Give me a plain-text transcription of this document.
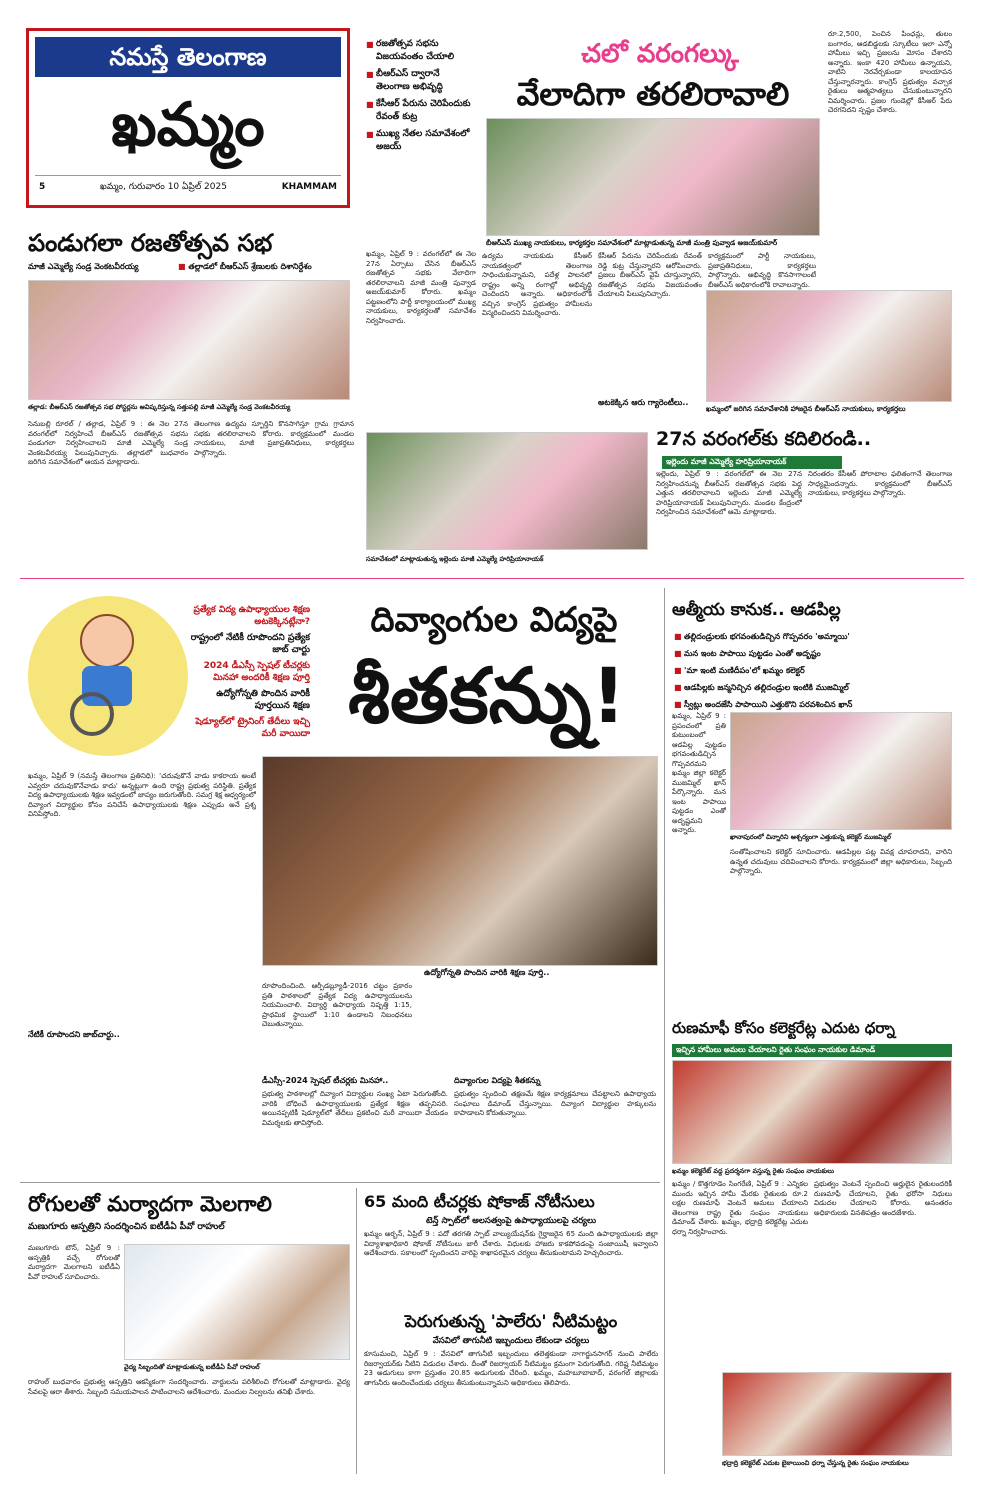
నమస్తే తెలంగాణ
ఖమ్మం
5	ఖమ్మం, గురువారం 10 ఏప్రిల్ 2025	KHAMMAM
■ రజతోత్సవ సభను విజయవంతం చేయాలి
■ బీఆర్ఎస్ ద్వారానే తెలంగాణ అభివృద్ధి
■ కేసీఆర్ పేరును చెరిపేందుకు రేవంత్ కుట్ర
■ ముఖ్య నేతల సమావేశంలో అజయ్
చలో వరంగల్
వేలాదిగా తరలిరావాలి
బీఆర్ఎస్ ముఖ్య నాయకులు, కార్యకర్తల సమావేశంలో మాట్లాడుతున్న మాజీ మంత్రి పువ్వాడ అజయ్‌కుమార్
ఖమ్మం, ఏప్రిల్ 9 : వరంగల్‌లో ఈ నెల 27న ఏర్పాటు చేసిన బీఆర్ఎస్ రజతోత్సవ సభకు వేలాదిగా తరలిరావాలని మాజీ మంత్రి పువ్వాడ అజయ్‌కుమార్ కోరారు. ఖమ్మం పట్టణంలోని పార్టీ కార్యాలయంలో ముఖ్య నాయకులు, కార్యకర్తలతో సమావేశం నిర్వహించారు.
ఉద్యమ నాయకుడు కేసీఆర్ నాయకత్వంలో తెలంగాణ సాధించుకున్నామని, పదేళ్ల పాలనలో రాష్ట్రం అన్ని రంగాల్లో అభివృద్ధి చెందిందని అన్నారు. అధికారంలోకి వచ్చిన కాంగ్రెస్ ప్రభుత్వం హామీలను విస్మరించిందని విమర్శించారు.
కేసీఆర్ పేరును చెరిపేందుకు రేవంత్ రెడ్డి కుట్ర చేస్తున్నారని ఆరోపించారు. ప్రజలు బీఆర్ఎస్ వైపే చూస్తున్నారని, రజతోత్సవ సభను విజయవంతం చేయాలని పిలుపునిచ్చారు.
కార్యక్రమంలో పార్టీ నాయకులు, ప్రజాప్రతినిధులు, కార్యకర్తలు పాల్గొన్నారు. అభివృద్ధి కొనసాగాలంటే బీఆర్ఎస్ అధికారంలోకి రావాలన్నారు.
అటకెక్కిన ఆరు గ్యారెంటీలు..
ఖమ్మంలో జరిగిన సమావేశానికి హాజరైన బీఆర్ఎస్ నాయకులు, కార్యకర్తలు
రూ.2,500, పెంచిన పింఛన్లు, తులం బంగారం, ఆడబిడ్డలకు స్కూటీలు ఇలా ఎన్నో హామీలు ఇచ్చి ప్రజలను మోసం చేశారని అన్నారు. ఇంకా 420 హామీలు ఉన్నాయని, వాటిని నెరవేర్చకుండా కాలయాపన చేస్తున్నారన్నారు. కాంగ్రెస్ ప్రభుత్వం వచ్చాక రైతులు ఆత్మహత్యలు చేసుకుంటున్నారని విమర్శించారు. ప్రజల గుండెల్లో కేసీఆర్ పేరు చెరగనిదని స్పష్టం చేశారు.
పండుగలా రజతోత్సవ సభ
మాజీ ఎమ్మెల్యే సండ్ర వెంకటవీరయ్య	■ తల్లాడలో బీఆర్ఎస్ శ్రేణులకు దిశానిర్దేశం
తల్లాడ: బీఆర్ఎస్ రజతోత్సవ సభ పోస్టర్లను ఆవిష్కరిస్తున్న సత్తుపల్లి మాజీ ఎమ్మెల్యే సండ్ర వెంకటవీరయ్య
సెనుబల్లి రూరల్ / తల్లాడ, ఏప్రిల్ 9 : ఈ నెల 27న వరంగల్‌లో నిర్వహించే బీఆర్ఎస్ రజతోత్సవ సభను పండుగలా నిర్వహించాలని మాజీ ఎమ్మెల్యే సండ్ర వెంకటవీరయ్య పిలుపునిచ్చారు. తల్లాడలో బుధవారం జరిగిన సమావేశంలో ఆయన మాట్లాడారు.
తెలంగాణ ఉద్యమ స్ఫూర్తిని కొనసాగిస్తూ గ్రామ గ్రామాన సభకు తరలిరావాలని కోరారు. కార్యక్రమంలో మండల నాయకులు, మాజీ ప్రజాప్రతినిధులు, కార్యకర్తలు పాల్గొన్నారు.
సమావేశంలో మాట్లాడుతున్న ఇల్లెందు మాజీ ఎమ్మెల్యే హరిప్రియానాయక్
27న వరంగల్‌కు కదిలిరండి..
ఇల్లెందు మాజీ ఎమ్మెల్యే హరిప్రియానాయక్
ఇల్లెందు, ఏప్రిల్ 9 : వరంగల్‌లో ఈ నెల 27న నిర్వహించనున్న బీఆర్ఎస్ రజతోత్సవ సభకు పెద్ద ఎత్తున తరలిరావాలని ఇల్లెందు మాజీ ఎమ్మెల్యే హరిప్రియానాయక్ పిలుపునిచ్చారు. మండల కేంద్రంలో నిర్వహించిన సమావేశంలో ఆమె మాట్లాడారు.
నిరంతరం కేసీఆర్ పోరాటాల ఫలితంగానే తెలంగాణ సాధ్యమైందన్నారు. కార్యక్రమంలో బీఆర్ఎస్ నాయకులు, కార్యకర్తలు పాల్గొన్నారు.
ప్రత్యేక విద్య ఉపాధ్యాయుల శిక్షణ అటకెక్కినట్లేనా?
రాష్ట్రంలో నేటికీ రూపొందని ప్రత్యేక జాబ్ చార్టు
2024 డీఎస్సీ స్పెషల్ టీచర్లకు మినహా అందరికీ శిక్షణ పూర్తి
ఉద్యోగోన్నతి పొందిన వారికీ పూర్తయిన శిక్షణ
షెడ్యూల్‌లో ట్రైనింగ్ తేదీలు ఇచ్చి మరీ వాయిదా
దివ్యాంగుల విద్యపై
శీతకన్ను!
ఉద్యోగోన్నతి పొందిన వారికి శిక్షణ పూర్తి..
ఖమ్మం, ఏప్రిల్ 9 (నమస్తే తెలంగాణ ప్రతినిధి): 'చదువుకొనే వాడు కాకరాయ అంటే ఎవ్వరూ చదువుకొనేవాడు కాదు' అన్నట్లుగా ఉంది రాష్ట్ర ప్రభుత్వ పరిస్థితి. ప్రత్యేక విద్య ఉపాధ్యాయులకు శిక్షణ ఇవ్వడంలో జాప్యం జరుగుతోంది. సమగ్ర శిక్ష ఆధ్వర్యంలో దివ్యాంగ విద్యార్థుల కోసం పనిచేసే ఉపాధ్యాయులకు శిక్షణ ఎప్పుడు అనే ప్రశ్న వినిపిస్తోంది.
నేటికీ రూపొందని జాబ్‌చార్టు..
రూపొందించింది. ఆర్పీడబ్ల్యూడీ-2016 చట్టం ప్రకారం ప్రతి పాఠశాలలో ప్రత్యేక విద్య ఉపాధ్యాయులను నియమించాలి. విద్యార్థి ఉపాధ్యాయ నిష్పత్తి 1:15, ప్రాథమిక స్థాయిలో 1:10 ఉండాలని నిబంధనలు చెబుతున్నాయి.
డీఎస్సీ-2024 స్పెషల్ టీచర్లకు మినహా..
ప్రభుత్వ పాఠశాలల్లో దివ్యాంగ విద్యార్థుల సంఖ్య ఏటా పెరుగుతోంది. వారికి బోధించే ఉపాధ్యాయులకు ప్రత్యేక శిక్షణ తప్పనిసరి. అయినప్పటికీ షెడ్యూల్‌లో తేదీలు ప్రకటించి మరీ వాయిదా వేయడం విమర్శలకు తావిస్తోంది.
దివ్యాంగుల విద్యపై శీతకన్ను
ప్రభుత్వం స్పందించి తక్షణమే శిక్షణ కార్యక్రమాలు చేపట్టాలని ఉపాధ్యాయ సంఘాలు డిమాండ్ చేస్తున్నాయి. దివ్యాంగ విద్యార్థుల హక్కులను కాపాడాలని కోరుతున్నాయి.
ఆత్మీయ కానుక.. ఆడపిల్ల
■ తల్లిదండ్రులకు భగవంతుడిచ్చిన గొప్పవరం 'అమ్మాయి'
■ మన ఇంట పాపాయి పుట్టడం ఎంతో అదృష్టం
■ 'మా ఇంటి మణిదీపం'లో ఖమ్మం కలెక్టర్
■ ఆడపిల్లకు జన్మనిచ్చిన తల్లిదండ్రుల ఇంటికి ముజమ్మిల్
■ స్వీట్లు అందజేసి పాపాయిని ఎత్తుకొని పరవశించిన ఖాన్
ఖమ్మం, ఏప్రిల్ 9 : ప్రపంచంలో ప్రతి కుటుంబంలో ఆడపిల్ల పుట్టడం భగవంతుడిచ్చిన గొప్పవరమని ఖమ్మం జిల్లా కలెక్టర్ ముజమ్మిల్ ఖాన్ పేర్కొన్నారు. మన ఇంట పాపాయి పుట్టడం ఎంతో అదృష్టమని అన్నారు.
ఖానాపురంలో చిన్నారిని ఆశ్చర్యంగా ఎత్తుకున్న కలెక్టర్ ముజమ్మిల్
సంతోషించాలని కలెక్టర్ సూచించారు. ఆడపిల్లల పట్ల వివక్ష చూపరాదని, వారిని ఉన్నత చదువులు చదివించాలని కోరారు. కార్యక్రమంలో జిల్లా అధికారులు, సిబ్బంది పాల్గొన్నారు.
రుణమాఫీ కోసం కలెక్టరేట్ల ఎదుట ధర్నా
ఇచ్చిన హామీలు అమలు చేయాలని రైతు సంఘం నాయకుల డిమాండ్
ఖమ్మం కలెక్టరేట్ వద్ద ప్రదర్శనగా వస్తున్న రైతు సంఘం నాయకులు
ఖమ్మం / కొత్తగూడెం సింగరేణి, ఏప్రిల్ 9 : ఎన్నికల ముందు ఇచ్చిన హామీ మేరకు రైతులకు రూ.2 లక్షల రుణమాఫీ వెంటనే అమలు చేయాలని తెలంగాణ రాష్ట్ర రైతు సంఘం నాయకులు డిమాండ్ చేశారు. ఖమ్మం, భద్రాద్రి కలెక్టరేట్ల ఎదుట ధర్నా నిర్వహించారు.
ప్రభుత్వం వెంటనే స్పందించి అర్హులైన రైతులందరికీ రుణమాఫీ చేయాలని, రైతు భరోసా నిధులు విడుదల చేయాలని కోరారు. అనంతరం అధికారులకు వినతిపత్రం అందజేశారు.
భద్రాద్రి కలెక్టరేట్ ఎదుట బైఠాయించి ధర్నా చేస్తున్న రైతు సంఘం నాయకులు
రోగులతో మర్యాదగా మెలగాలి
మణుగూరు ఆస్పత్రిని సందర్శించిన ఐటీడీఏ పీవో రాహుల్
మణుగూరు టౌన్, ఏప్రిల్ 9 : ఆస్పత్రికి వచ్చే రోగులతో మర్యాదగా మెలగాలని ఐటీడీఏ పీవో రాహుల్ సూచించారు.
వైద్య సిబ్బందితో మాట్లాడుతున్న ఐటీడీఏ పీవో రాహుల్
రాహుల్ బుధవారం ప్రభుత్వ ఆస్పత్రిని ఆకస్మికంగా సందర్శించారు. వార్డులను పరిశీలించి రోగులతో మాట్లాడారు. వైద్య సేవలపై ఆరా తీశారు. సిబ్బంది సమయపాలన పాటించాలని ఆదేశించారు. మందుల నిల్వలను తనిఖీ చేశారు.
65 మంది టీచర్లకు షోకాజ్ నోటీసులు
టెన్త్ స్పాట్‌లో అలసత్వంపై ఉపాధ్యాయులపై చర్యలు
ఖమ్మం అర్బన్, ఏప్రిల్ 9 : పదో తరగతి స్పాట్ వాల్యుయేషన్‌కు గైర్హాజరైన 65 మంది ఉపాధ్యాయులకు జిల్లా విద్యాశాఖాధికారి షోకాజ్ నోటీసులు జారీ చేశారు. విధులకు హాజరు కాకపోవడంపై సంజాయిషీ ఇవ్వాలని ఆదేశించారు. సకాలంలో స్పందించని వారిపై శాఖాపరమైన చర్యలు తీసుకుంటామని హెచ్చరించారు.
పెరుగుతున్న 'పాలేరు' నీటిమట్టం
వేసవిలో తాగునీటి ఇబ్బందులు లేకుండా చర్యలు
కూసుమంచి, ఏప్రిల్ 9 : వేసవిలో తాగునీటి ఇబ్బందులు తలెత్తకుండా నాగార్జునసాగర్ నుంచి పాలేరు రిజర్వాయర్‌కు నీటిని విడుదల చేశారు. దీంతో రిజర్వాయర్ నీటిమట్టం క్రమంగా పెరుగుతోంది. గరిష్ట నీటిమట్టం 23 అడుగులు కాగా ప్రస్తుతం 20.85 అడుగులకు చేరింది. ఖమ్మం, మహబూబాబాద్, వరంగల్ జిల్లాలకు తాగునీరు అందించేందుకు చర్యలు తీసుకుంటున్నామని అధికారులు తెలిపారు.
